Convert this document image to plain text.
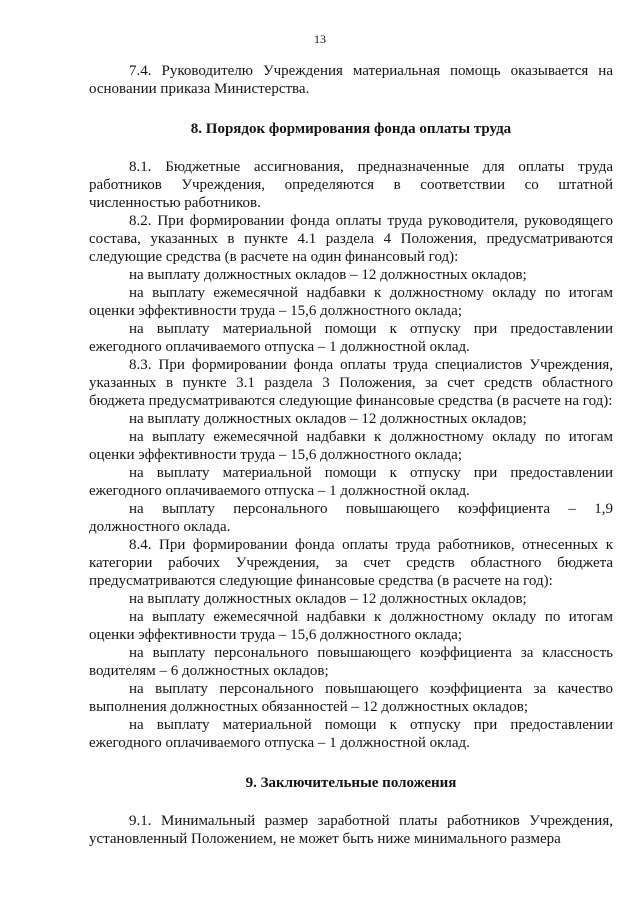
13

7.4. Руководителю Учреждения материальная помощь оказывается на основании приказа Министерства.

8. Порядок формирования фонда оплаты труда

8.1. Бюджетные ассигнования, предназначенные для оплаты труда работников Учреждения, определяются в соответствии со штатной численностью работников.

8.2. При формировании фонда оплаты труда руководителя, руководящего состава, указанных в пункте 4.1 раздела 4 Положения, предусматриваются следующие средства (в расчете на один финансовый год):

на выплату должностных окладов – 12 должностных окладов;

на выплату ежемесячной надбавки к должностному окладу по итогам оценки эффективности труда – 15,6 должностного оклада;

на выплату материальной помощи к отпуску при предоставлении ежегодного оплачиваемого отпуска – 1 должностной оклад.

8.3. При формировании фонда оплаты труда специалистов Учреждения, указанных в пункте 3.1 раздела 3 Положения, за счет средств областного бюджета предусматриваются следующие финансовые средства (в расчете на год):

на выплату должностных окладов – 12 должностных окладов;

на выплату ежемесячной надбавки к должностному окладу по итогам оценки эффективности труда – 15,6 должностного оклада;

на выплату материальной помощи к отпуску при предоставлении ежегодного оплачиваемого отпуска – 1 должностной оклад.

на выплату персонального повышающего коэффициента – 1,9 должностного оклада.

8.4. При формировании фонда оплаты труда работников, отнесенных к категории рабочих Учреждения, за счет средств областного бюджета предусматриваются следующие финансовые средства (в расчете на год):

на выплату должностных окладов – 12 должностных окладов;

на выплату ежемесячной надбавки к должностному окладу по итогам оценки эффективности труда – 15,6 должностного оклада;

на выплату персонального повышающего коэффициента за классность водителям – 6 должностных окладов;

на выплату персонального повышающего коэффициента за качество выполнения должностных обязанностей – 12 должностных окладов;

на выплату материальной помощи к отпуску при предоставлении ежегодного оплачиваемого отпуска – 1 должностной оклад.

9. Заключительные положения

9.1. Минимальный размер заработной платы работников Учреждения, установленный Положением, не может быть ниже минимального размера
